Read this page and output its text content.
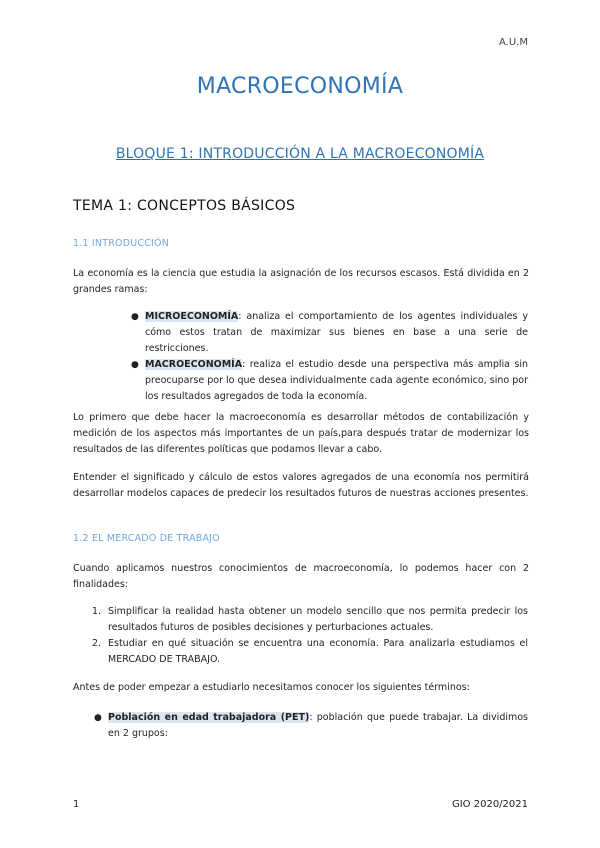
A.U.M
MACROECONOMÍA
BLOQUE 1: INTRODUCCIÓN A LA MACROECONOMÍA
TEMA 1: CONCEPTOS BÁSICOS
1.1 INTRODUCCIÓN

La economía es la ciencia que estudia la asignación de los recursos escasos. Está dividida en 2 grandes ramas:

● MICROECONOMÍA: analiza el comportamiento de los agentes individuales y cómo estos tratan de maximizar sus bienes en base a una serie de restricciones.
● MACROECONOMÍA: realiza el estudio desde una perspectiva más amplia sin preocuparse por lo que desea individualmente cada agente económico, sino por los resultados agregados de toda la economía.

Lo primero que debe hacer la macroeconomía es desarrollar métodos de contabilización y medición de los aspectos más importantes de un país,para después tratar de modernizar los resultados de las diferentes políticas que podamos llevar a cabo.

Entender el significado y cálculo de estos valores agregados de una economía nos permitirá desarrollar modelos capaces de predecir los resultados futuros de nuestras acciones presentes.

1.2 EL MERCADO DE TRABAJO

Cuando aplicamos nuestros conocimientos de macroeconomía, lo podemos hacer con 2 finalidades:

1. Simplificar la realidad hasta obtener un modelo sencillo que nos permita predecir los resultados futuros de posibles decisiones y perturbaciones actuales.
2. Estudiar en qué situación se encuentra una economía. Para analizarla estudiamos el MERCADO DE TRABAJO.

Antes de poder empezar a estudiarlo necesitamos conocer los siguientes términos:

● Población en edad trabajadora (PET): población que puede trabajar. La dividimos en 2 grupos:
1	GIO 2020/2021
